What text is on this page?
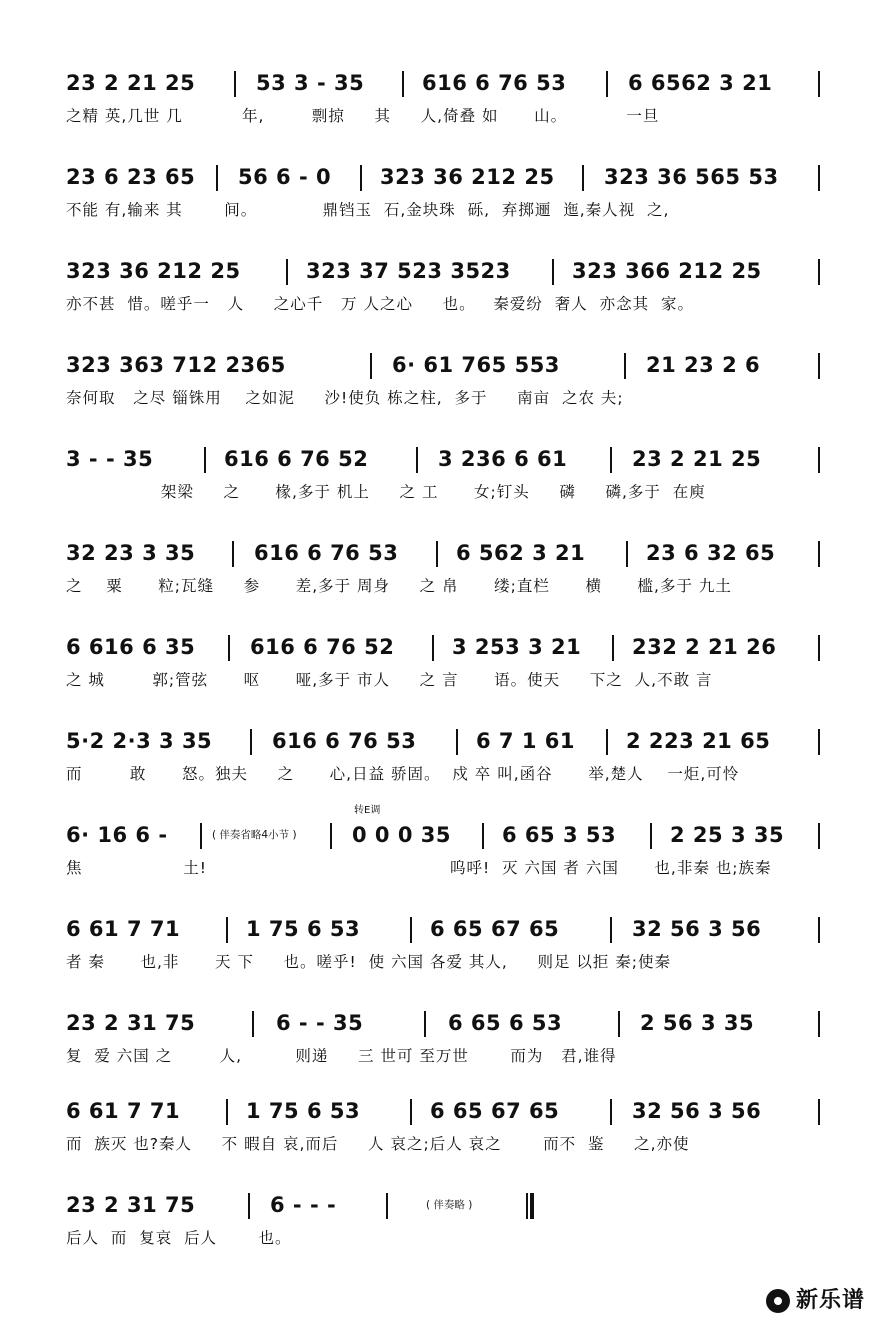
23 2 21 25	53 3 - 35	616 6 76 53	6 6562 3 21
之精 英,几世 几          年,        剽掠     其     人,倚叠 如      山。          一旦
23 6 23 65 56 6 - 0 323 36 212 25 323 36 565 53
不能 有,输来 其       间。           鼎铛玉  石,金块珠  砾,  弃掷逦  迤,秦人视  之,
323 36 212 25	323 37 523 3523	323 366 212 25
亦不甚  惜。嗟乎一   人     之心千   万 人之心     也。   秦爱纷  奢人  亦念其  家。
323 363 712 2365	6· 61 765 553	21 23 2 6
奈何取   之尽 锱铢用    之如泥     沙!使负 栋之柱,  多于     南亩  之农 夫;
3 - - 35	616 6 76 52	3 236 6 61	23 2 21 25
架梁     之      椽,多于 机上     之 工      女;钉头     磷     磷,多于  在庾
32 23 3 35	616 6 76 53	6 562 3 21	23 6 32 65
之    粟      粒;瓦缝     参      差,多于 周身     之 帛      缕;直栏      横      槛,多于 九土
6 616 6 35	616 6 76 52	3 253 3 21 232 2 21 26
之 城        郭;管弦      呕      哑,多于 市人     之 言      语。使天     下之  人,不敢 言
5·2 2·3 3 35	616 6 76 53	6 7 1 61 2 223 21 65
而        敢      怒。独夫     之      心,日益 骄固。  戍 卒 叫,函谷      举,楚人    一炬,可怜
6· 16 6 -	( 伴奏省略4小节 )
转E调
0 0 0 35 6 65 3 53	2 25 3 35
焦                 土!                                         呜呼!  灭 六国 者 六国      也,非秦 也;族秦
6 61 7 71	1 75 6 53	6 65 67 65	32 56 3 56
者 秦      也,非      天 下     也。嗟乎!  使 六国 各爱 其人,     则足 以拒 秦;使秦
23 2 31 75	6 - - 35	6 65 6 53	2 56 3 35
复  爱 六国 之        人,         则递     三 世可 至万世       而为   君,谁得
6 61 7 71	1 75 6 53	6 65 67 65	32 56 3 56
而  族灭 也?秦人     不 暇自 哀,而后     人 哀之;后人 哀之       而不  鉴     之,亦使
23 2 31 75	6 - - -	( 伴奏略 )
后人  而  复哀  后人       也。
新乐谱
